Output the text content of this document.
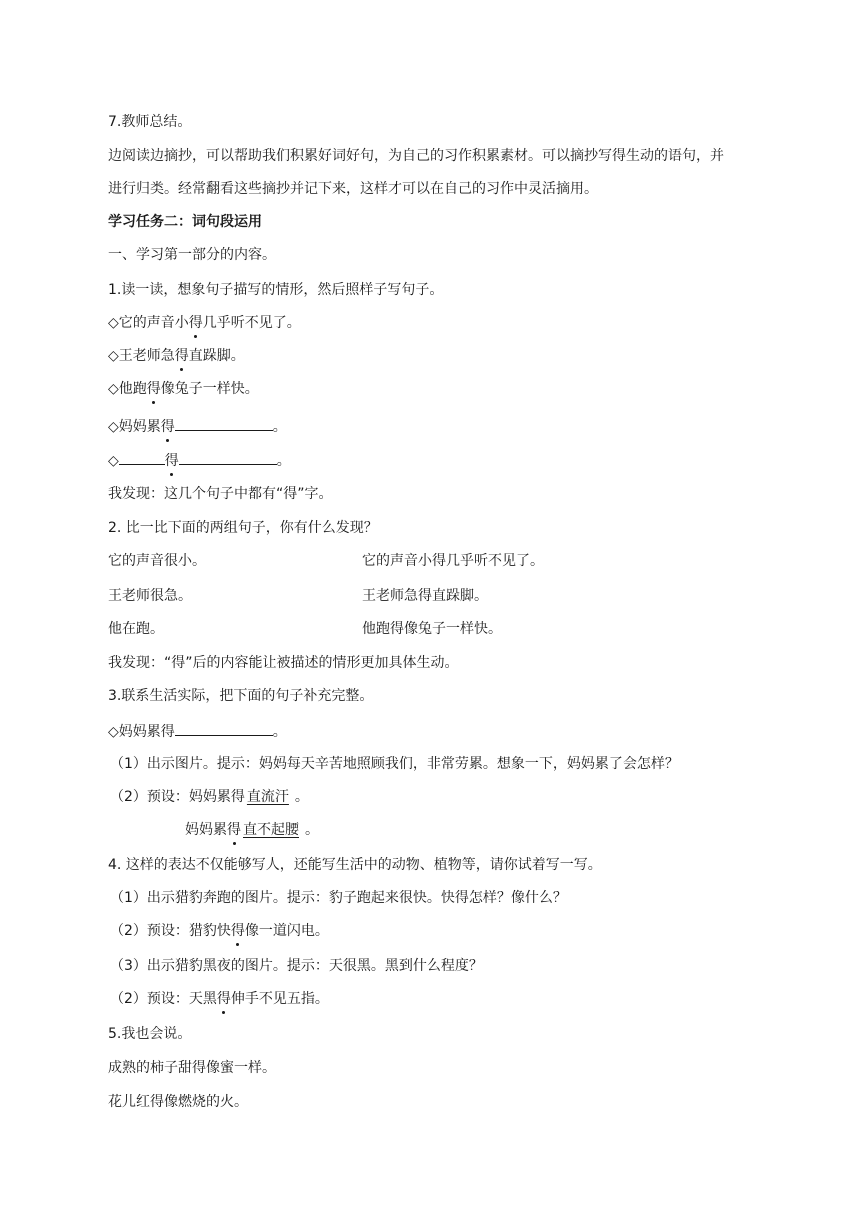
7.教师总结。
边阅读边摘抄，可以帮助我们积累好词好句，为自己的习作积累素材。可以摘抄写得生动的语句，并
进行归类。经常翻看这些摘抄并记下来，这样才可以在自己的习作中灵活摘用。
学习任务二：词句段运用
一、学习第一部分的内容。
1.读一读，想象句子描写的情形，然后照样子写句子。
◇它的声音小得几乎听不见了。
◇王老师急得直跺脚。
◇他跑得像兔子一样快。
◇妈妈累得	。
◇	得	。
我发现：这几个句子中都有“得”字。
2. 比一比下面的两组句子，你有什么发现？
它的声音很小。	它的声音小得几乎听不见了。
王老师很急。	王老师急得直跺脚。
他在跑。	他跑得像兔子一样快。
我发现：“得”后的内容能让被描述的情形更加具体生动。
3.联系生活实际，把下面的句子补充完整。
◇妈妈累得	。
（1）出示图片。提示：妈妈每天辛苦地照顾我们，非常劳累。想象一下，妈妈累了会怎样？
（2）预设：妈妈累得 直流汗 。
妈妈累得 直不起腰 。
4. 这样的表达不仅能够写人，还能写生活中的动物、植物等，请你试着写一写。
（1）出示猎豹奔跑的图片。提示：豹子跑起来很快。快得怎样？像什么？
（2）预设：猎豹快得像一道闪电。
（3）出示猎豹黑夜的图片。提示：天很黑。黑到什么程度？
（2）预设：天黑得伸手不见五指。
5.我也会说。
成熟的柿子甜得像蜜一样。
花儿红得像燃烧的火。
